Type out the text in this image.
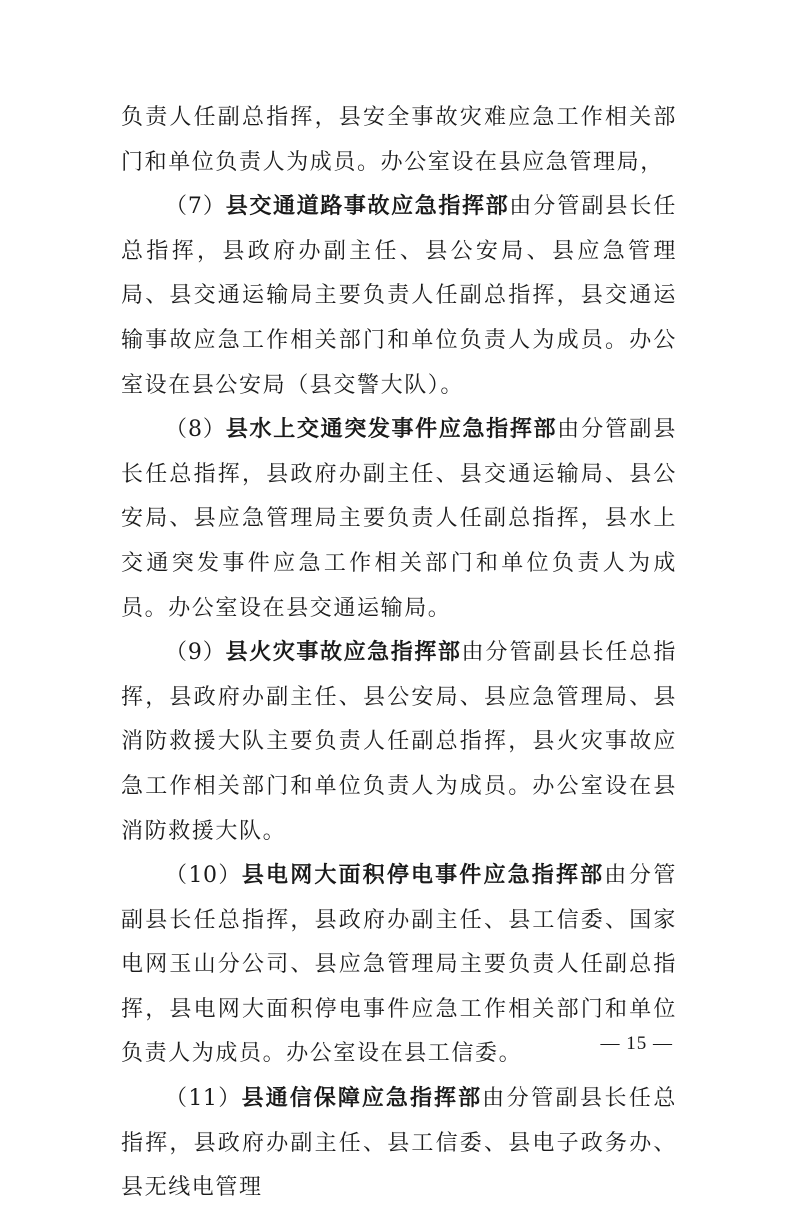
负责人任副总指挥，县安全事故灾难应急工作相关部门和单位负责人为成员。办公室设在县应急管理局，

（7）县交通道路事故应急指挥部由分管副县长任总指挥，县政府办副主任、县公安局、县应急管理局、县交通运输局主要负责人任副总指挥，县交通运输事故应急工作相关部门和单位负责人为成员。办公室设在县公安局（县交警大队）。

（8）县水上交通突发事件应急指挥部由分管副县长任总指挥，县政府办副主任、县交通运输局、县公安局、县应急管理局主要负责人任副总指挥，县水上交通突发事件应急工作相关部门和单位负责人为成员。办公室设在县交通运输局。

（9）县火灾事故应急指挥部由分管副县长任总指挥，县政府办副主任、县公安局、县应急管理局、县消防救援大队主要负责人任副总指挥，县火灾事故应急工作相关部门和单位负责人为成员。办公室设在县消防救援大队。

（10）县电网大面积停电事件应急指挥部由分管副县长任总指挥，县政府办副主任、县工信委、国家电网玉山分公司、县应急管理局主要负责人任副总指挥，县电网大面积停电事件应急工作相关部门和单位负责人为成员。办公室设在县工信委。

（11）县通信保障应急指挥部由分管副县长任总指挥，县政府办副主任、县工信委、县电子政务办、县无线电管理

— 15 —
